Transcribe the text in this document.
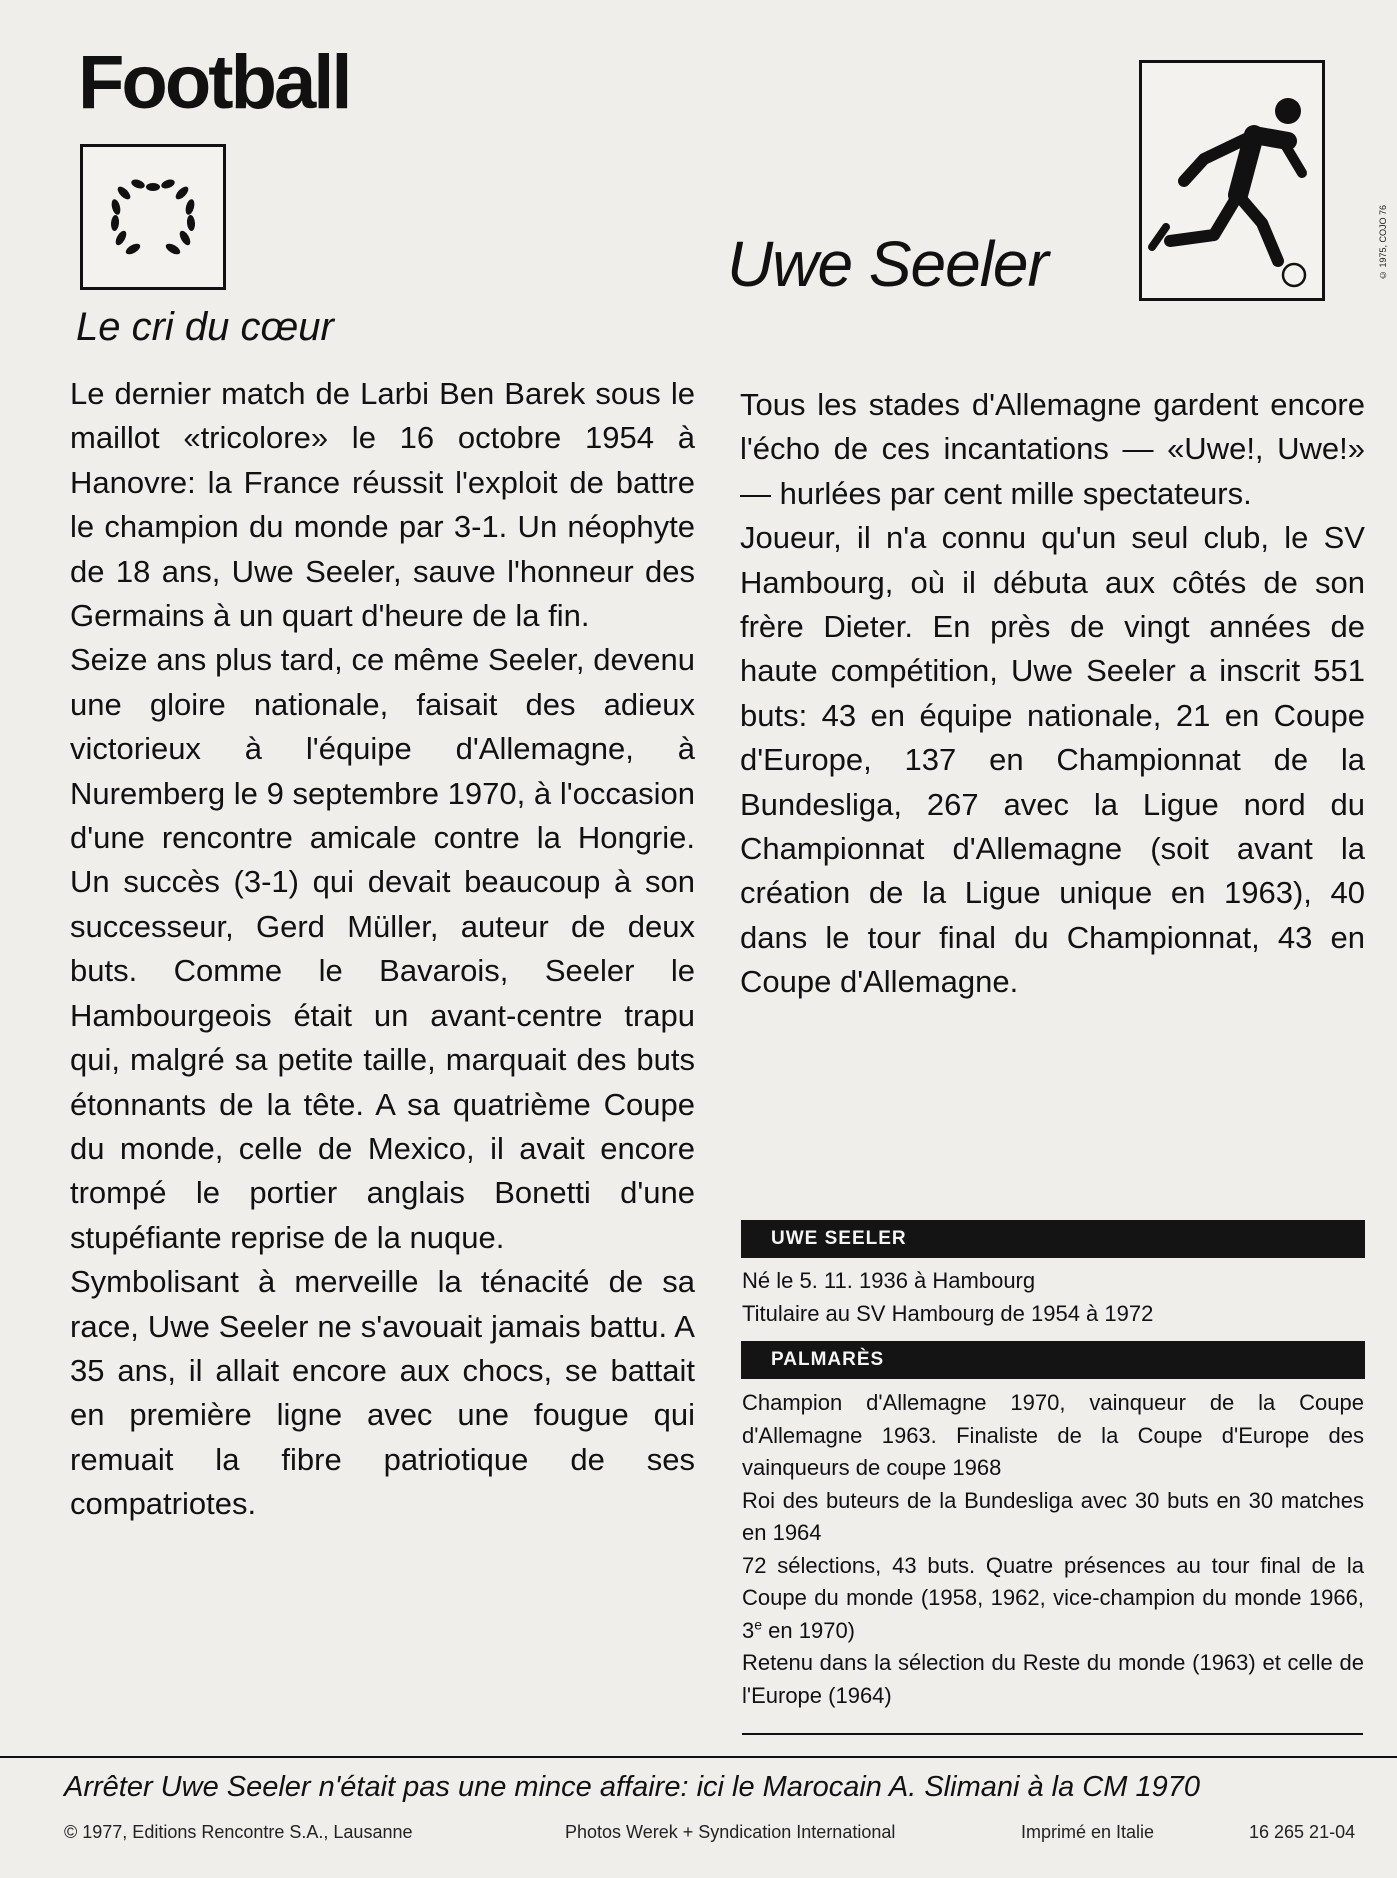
Football
© 1975, COJO 76
Uwe Seeler
Le cri du cœur

Le dernier match de Larbi Ben Barek sous le maillot «tricolore» le 16 octobre 1954 à Hanovre: la France réussit l'exploit de battre le champion du monde par 3-1. Un néophyte de 18 ans, Uwe Seeler, sauve l'honneur des Germains à un quart d'heure de la fin.

Seize ans plus tard, ce même Seeler, devenu une gloire nationale, faisait des adieux victorieux à l'équipe d'Allemagne, à Nuremberg le 9 septembre 1970, à l'occasion d'une rencontre amicale contre la Hongrie. Un succès (3-1) qui devait beaucoup à son successeur, Gerd Müller, auteur de deux buts. Comme le Bavarois, Seeler le Hambourgeois était un avant-centre trapu qui, malgré sa petite taille, marquait des buts étonnants de la tête. A sa quatrième Coupe du monde, celle de Mexico, il avait encore trompé le portier anglais Bonetti d'une stupéfiante reprise de la nuque.

Symbolisant à merveille la ténacité de sa race, Uwe Seeler ne s'avouait jamais battu. A 35 ans, il allait encore aux chocs, se battait en première ligne avec une fougue qui remuait la fibre patriotique de ses compatriotes.

Tous les stades d'Allemagne gardent encore l'écho de ces incantations — «Uwe!, Uwe!» — hurlées par cent mille spectateurs.

Joueur, il n'a connu qu'un seul club, le SV Hambourg, où il débuta aux côtés de son frère Dieter. En près de vingt années de haute compétition, Uwe Seeler a inscrit 551 buts: 43 en équipe nationale, 21 en Coupe d'Europe, 137 en Championnat de la Bundesliga, 267 avec la Ligue nord du Championnat d'Allemagne (soit avant la création de la Ligue unique en 1963), 40 dans le tour final du Championnat, 43 en Coupe d'Allemagne.

UWE SEELER

Né le 5. 11. 1936 à Hambourg

Titulaire au SV Hambourg de 1954 à 1972

PALMARÈS

Champion d'Allemagne 1970, vainqueur de la Coupe d'Allemagne 1963. Finaliste de la Coupe d'Europe des vainqueurs de coupe 1968

Roi des buteurs de la Bundesliga avec 30 buts en 30 matches en 1964

72 sélections, 43 buts. Quatre présences au tour final de la Coupe du monde (1958, 1962, vice-champion du monde 1966, 3e en 1970)

Retenu dans la sélection du Reste du monde (1963) et celle de l'Europe (1964)

Arrêter Uwe Seeler n'était pas une mince affaire: ici le Marocain A. Slimani à la CM 1970
© 1977, Editions Rencontre S.A., Lausanne	Photos Werek + Syndication International	Imprimé en Italie	16 265 21-04
